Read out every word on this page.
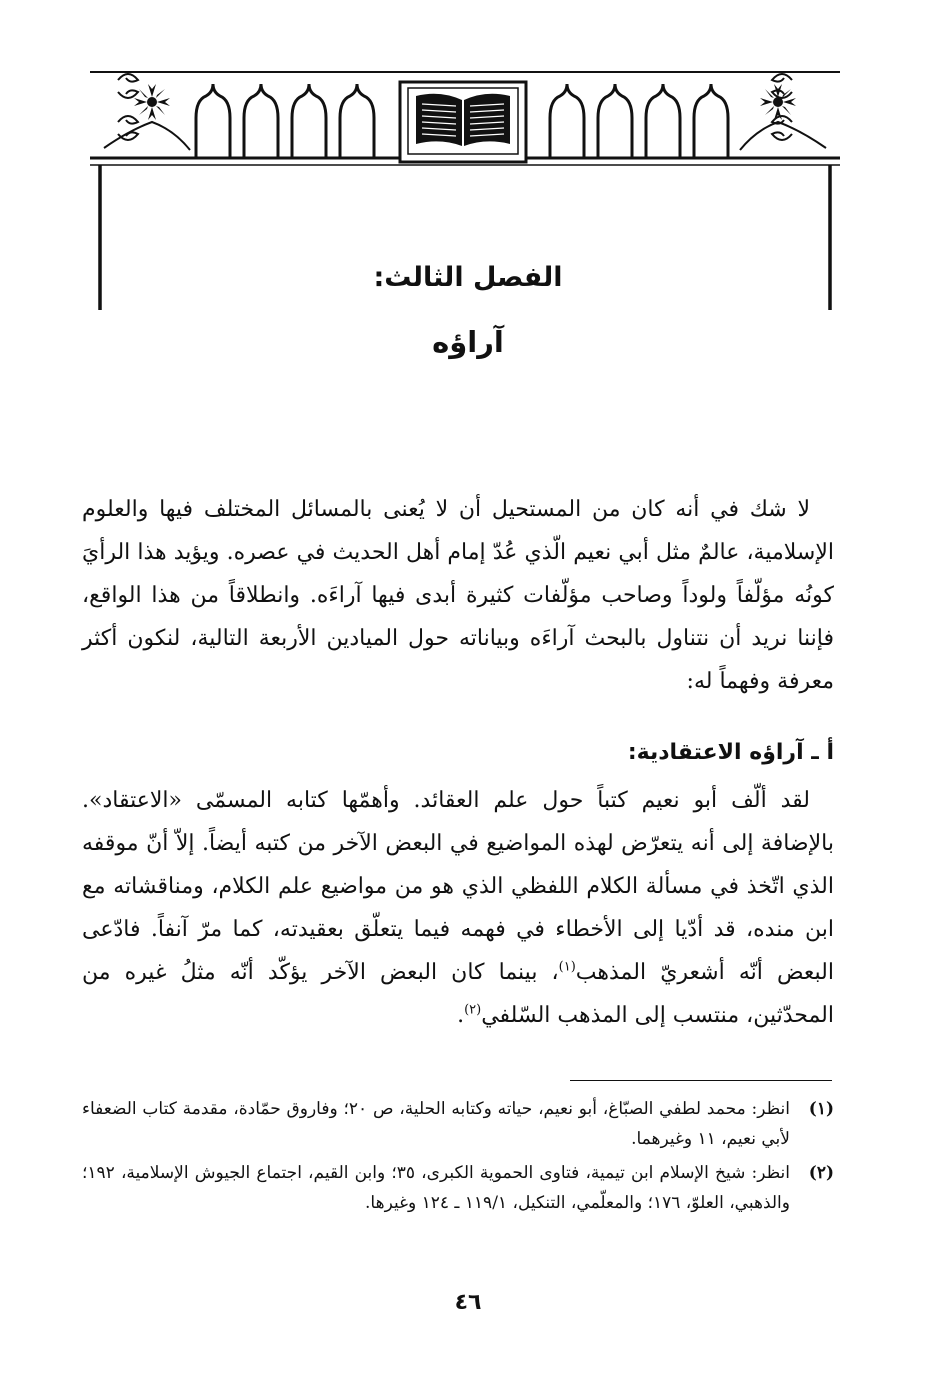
الفصل الثالث:
آراؤه

لا شك في أنه كان من المستحيل أن لا يُعنى بالمسائل المختلف فيها والعلوم الإسلامية، عالمٌ مثل أبي نعيم الّذي عُدّ إمام أهل الحديث في عصره. ويؤيد هذا الرأيَ كونُه مؤلّفاً ولوداً وصاحب مؤلّفات كثيرة أبدى فيها آراءَه. وانطلاقاً من هذا الواقع، فإننا نريد أن نتناول بالبحث آراءَه وبياناته حول الميادين الأربعة التالية، لنكون أكثر معرفة وفهماً له:

أ ـ آراؤه الاعتقادية:

لقد ألّف أبو نعيم كتباً حول علم العقائد. وأهمّها كتابه المسمّى «الاعتقاد». بالإضافة إلى أنه يتعرّض لهذه المواضيع في البعض الآخر من كتبه أيضاً. إلاّ أنّ موقفه الذي اتّخذ في مسألة الكلام اللفظي الذي هو من مواضيع علم الكلام، ومناقشاته مع ابن منده، قد أدّيا إلى الأخطاء في فهمه فيما يتعلّق بعقيدته، كما مرّ آنفاً. فادّعى البعض أنّه أشعريّ المذهب$^{(١)}$، بينما كان البعض الآخر يؤكّد أنّه مثلُ غيره من المحدّثين، منتسب إلى المذهب السّلفي$^{(٢)}$.

(١)
انظر: محمد لطفي الصبّاغ، أبو نعيم، حياته وكتابه الحلية، ص ٢٠؛ وفاروق حمّادة، مقدمة كتاب الضعفاء لأبي نعيم، ١١ وغيرهما.
(٢)
انظر: شيخ الإسلام ابن تيمية، فتاوى الحموية الكبرى، ٣٥؛ وابن القيم، اجتماع الجيوش الإسلامية، ١٩٢؛ والذهبي، العلوّ، ١٧٦؛ والمعلّمي، التنكيل، ١١٩/١ ـ ١٢٤ وغيرها.
٤٦
